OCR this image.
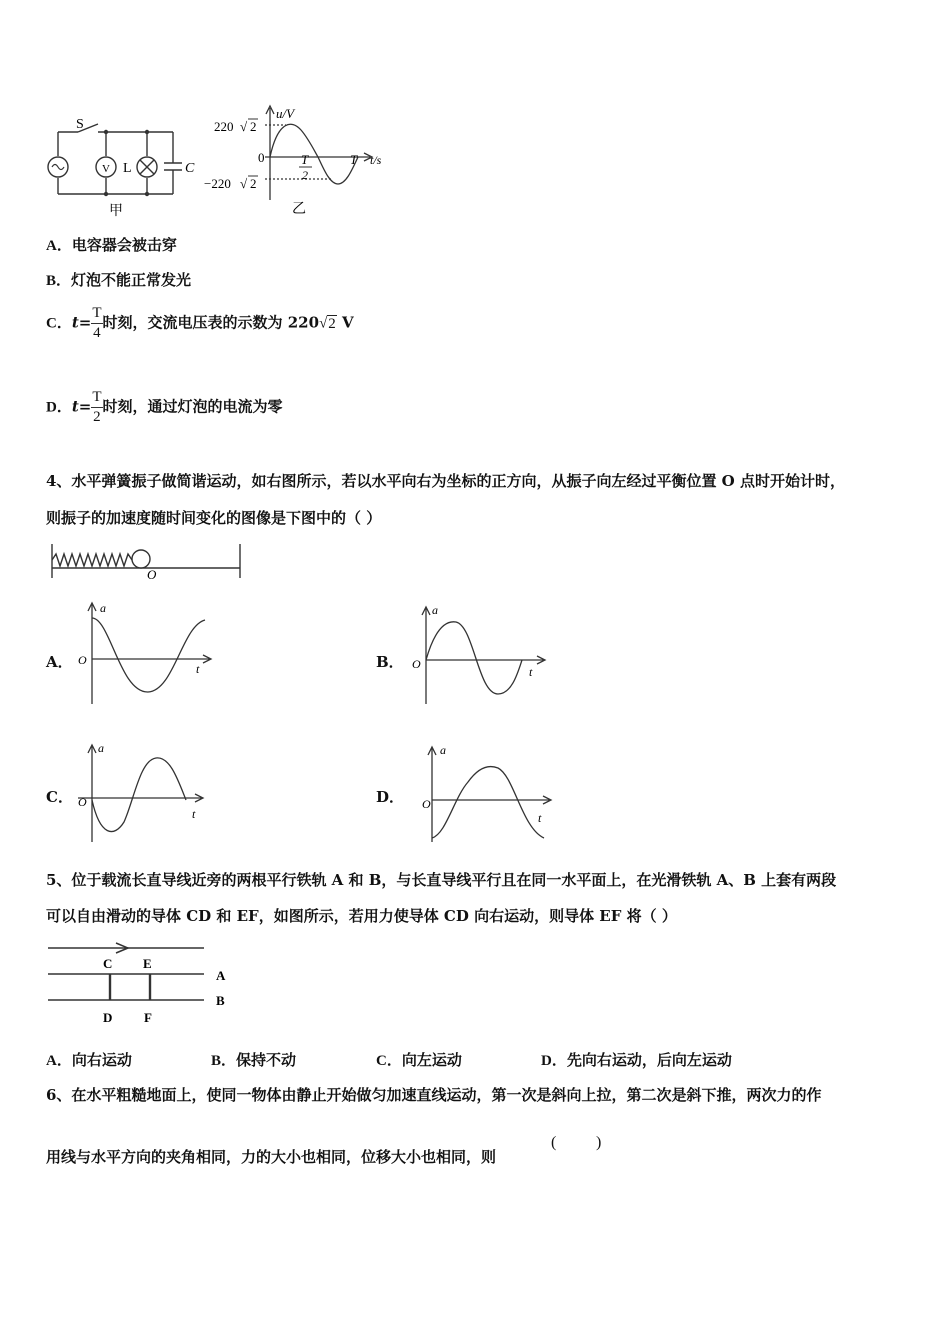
S
V L	C
甲
220 √ 2
−220 √ 2
u/V
0	T
2
T t/s
乙
A．电容器会被击穿
B．灯泡不能正常发光
C．$t= \frac{T}{4}$ 时刻，交流电压表的示数为 220√2 V
D．$t= \frac{T}{2}$ 时刻，通过灯泡的电流为零
4、水平弹簧振子做简谐运动，如右图所示，若以水平向右为坐标的正方向，从振子向左经过平衡位置 O 点时开始计时，
则振子的加速度随时间变化的图像是下图中的（ ）
O
A．
a
O
t	B．
a
O
t
C．
a
O
t
D．
a
O
t
5、位于载流长直导线近旁的两根平行铁轨 A 和 B，与长直导线平行且在同一水平面上，在光滑铁轨 A、B 上套有两段
可以自由滑动的导体 CD 和 EF，如图所示，若用力使导体 CD 向右运动，则导体 EF 将（ ）
C E
A
B
D F
A．向右运动	B．保持不动	C．向左运动	D．先向右运动，后向左运动
6、在水平粗糙地面上，使同一物体由静止开始做匀加速直线运动，第一次是斜向上拉，第二次是斜下推，两次力的作
用线与水平方向的夹角相同，力的大小也相同，位移大小也相同，则
( )
